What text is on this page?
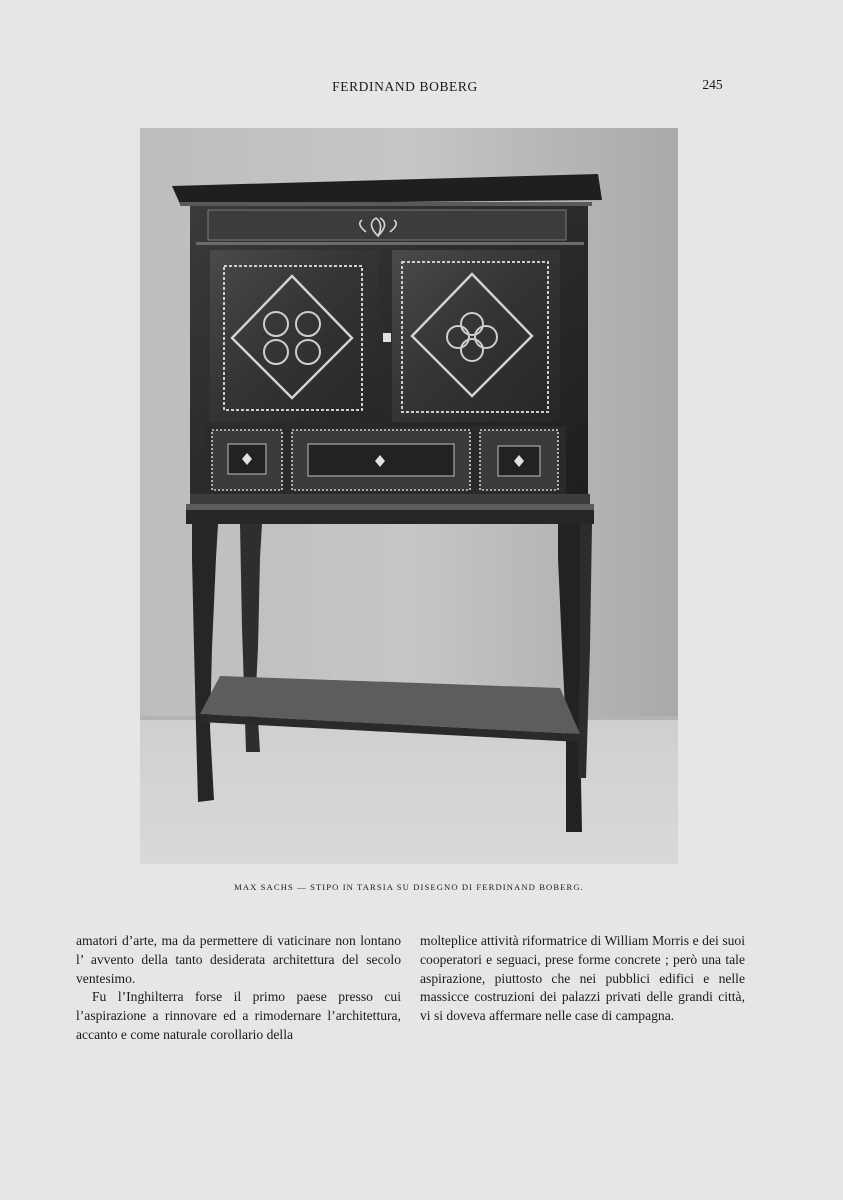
FERDINAND BOBERG	245
MAX SACHS — STIPO IN TARSIA SU DISEGNO DI FERDINAND BOBERG.

amatori d’arte, ma da permettere di vaticinare non lontano l’ avvento della tanto desiderata architettura del secolo ventesimo.

Fu l’Inghilterra forse il primo paese presso cui l’aspirazione a rinnovare ed a rimodernare l’architettura, accanto e come naturale corollario della

molteplice attività riformatrice di William Morris e dei suoi cooperatori e seguaci, prese forme concrete ; però una tale aspirazione, piuttosto che nei pubblici edifici e nelle massicce costruzioni dei palazzi privati delle grandi città, vi si doveva affermare nelle case di campagna.
